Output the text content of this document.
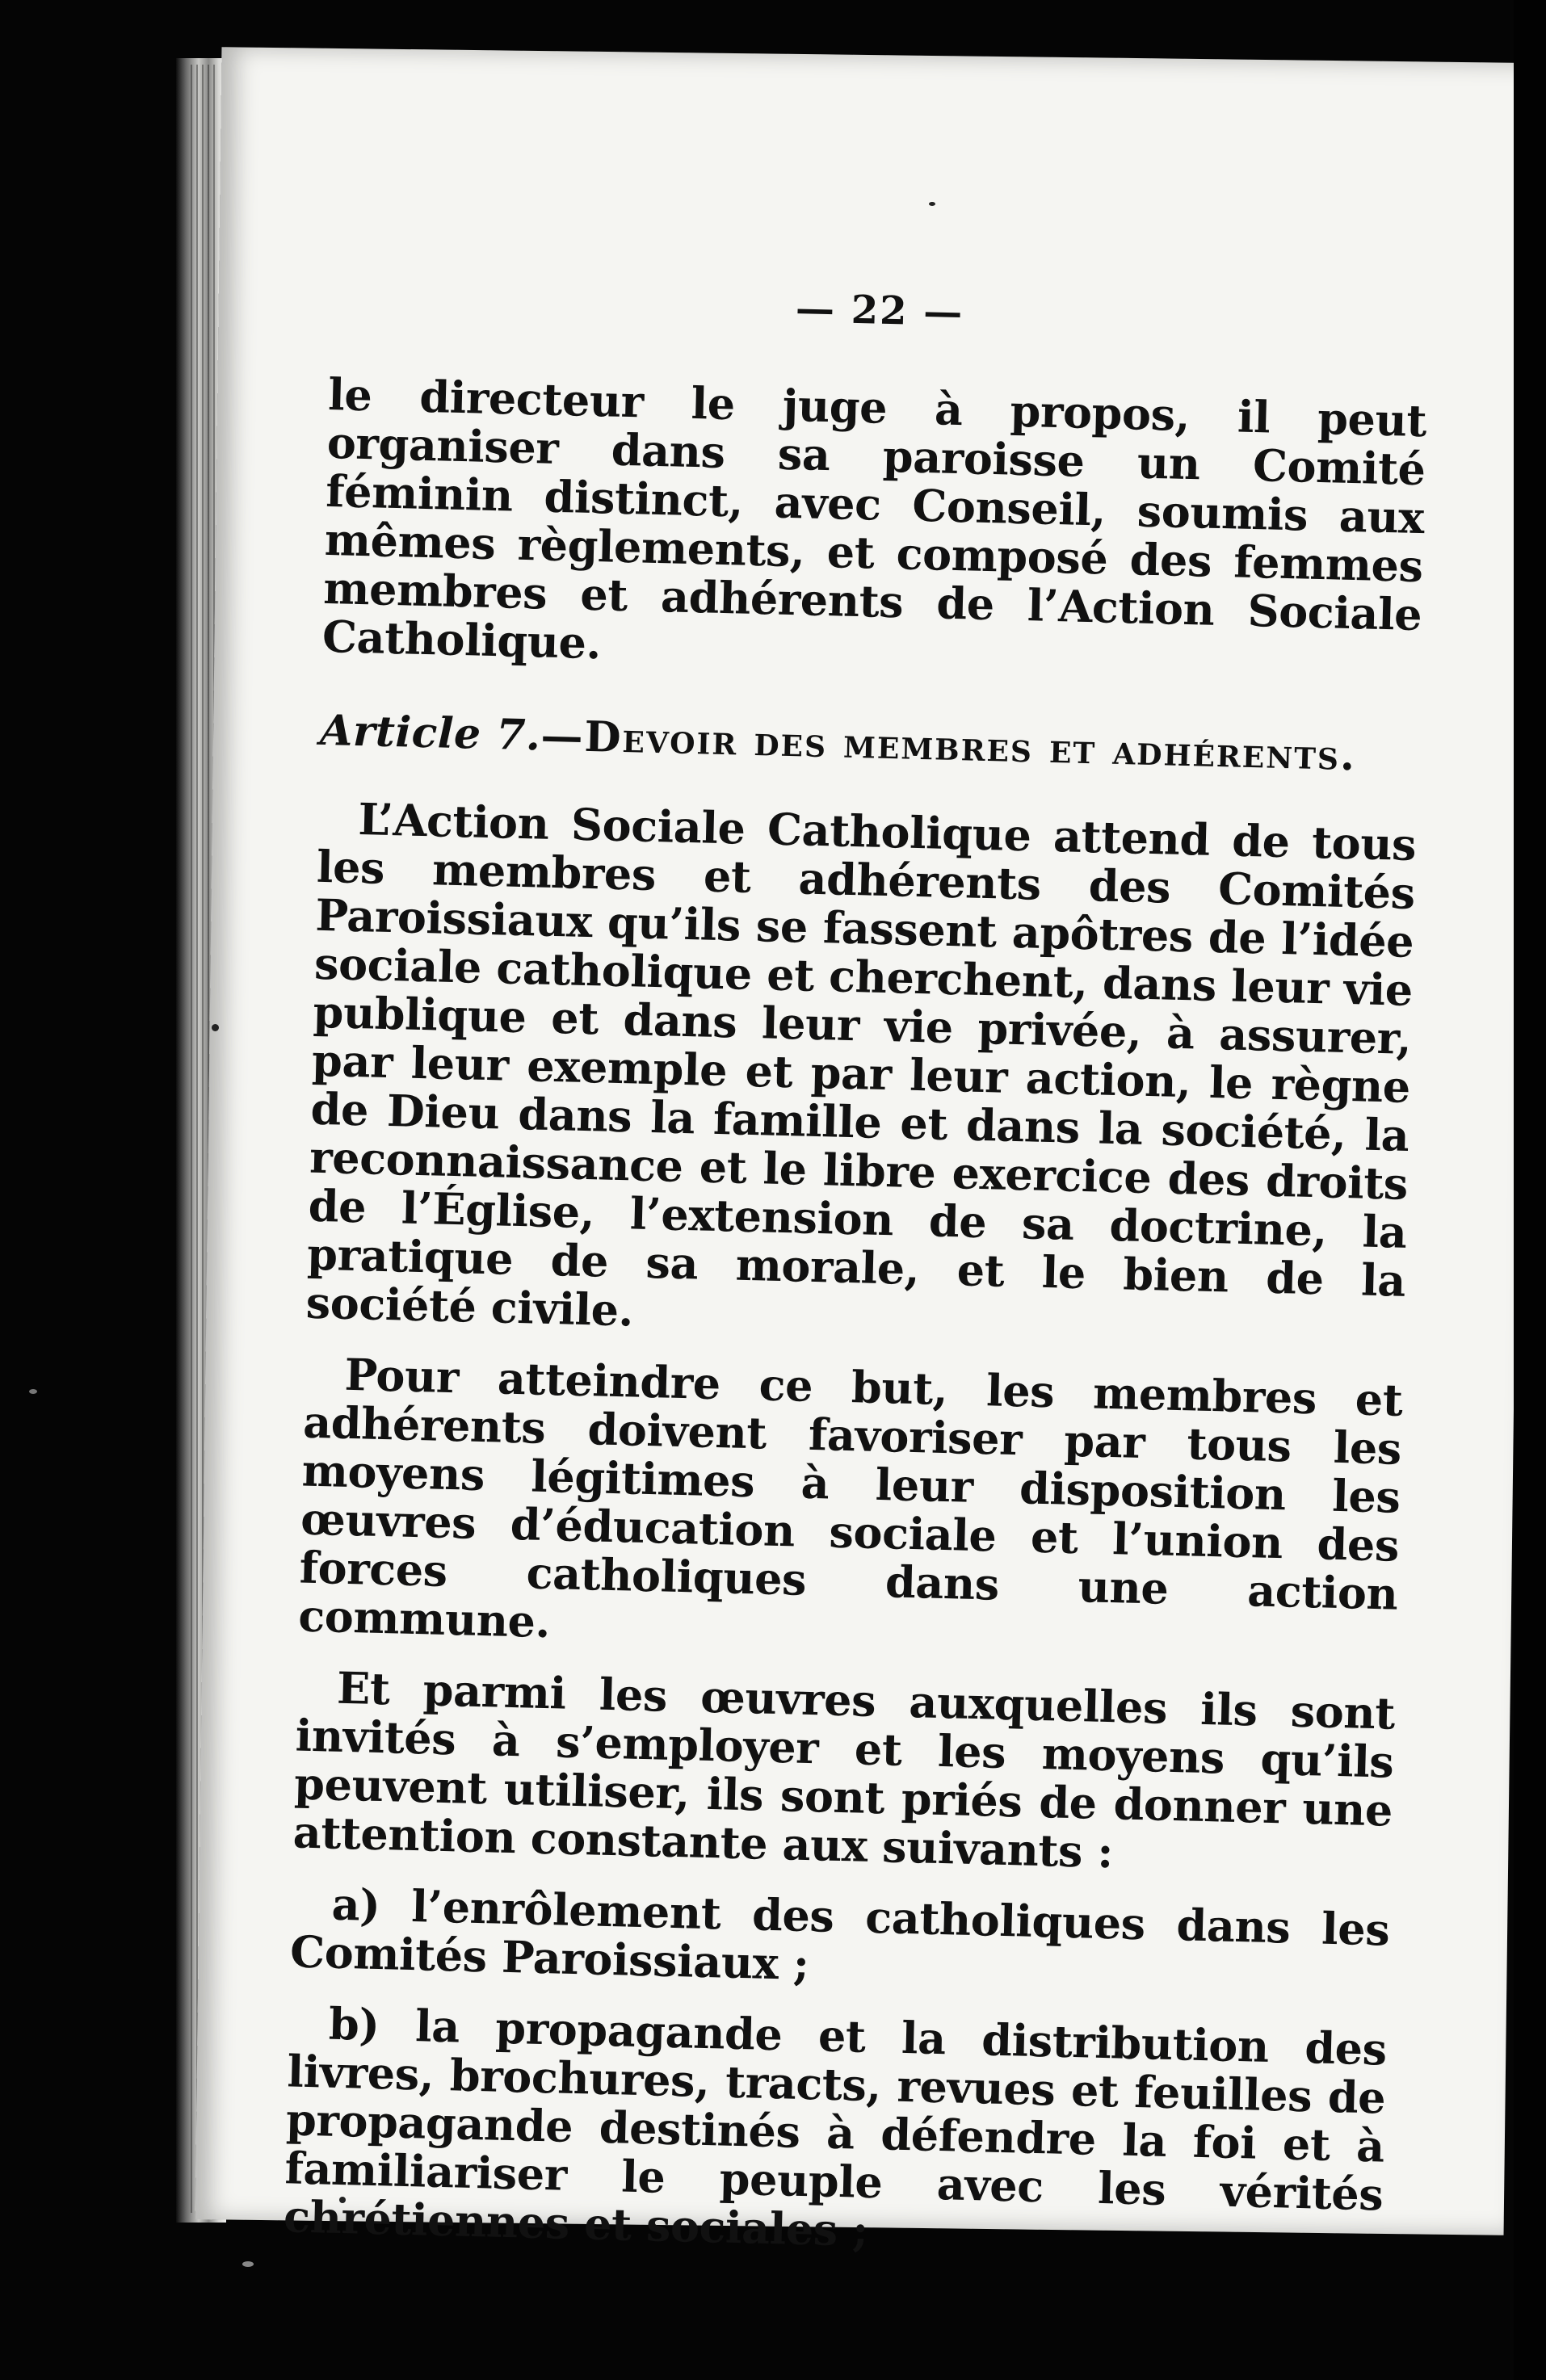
— 22 —

le directeur le juge à propos, il peut organiser dans sa paroisse un Comité féminin distinct, avec Conseil, soumis aux mêmes règlements, et composé des femmes membres et adhérents de l’Action Sociale Catholique.

Article 7.—Devoir des membres et adhérents.

L’Action Sociale Catholique attend de tous les membres et adhérents des Comités Paroissiaux qu’ils se fassent apôtres de l’idée sociale catholique et cherchent, dans leur vie publique et dans leur vie privée, à assurer, par leur exemple et par leur action, le règne de Dieu dans la famille et dans la société, la reconnaissance et le libre exercice des droits de l’Église, l’extension de sa doctrine, la pratique de sa morale, et le bien de la société civile.

Pour atteindre ce but, les membres et adhérents doivent favoriser par tous les moyens légitimes à leur disposition les œuvres d’éducation sociale et l’union des forces catholiques dans une action commune.

Et parmi les œuvres auxquelles ils sont invités à s’employer et les moyens qu’ils peuvent utiliser, ils sont priés de donner une attention constante aux suivants :

a) l’enrôlement des catholiques dans les Comités Paroissiaux ;

b) la propagande et la distribution des livres, brochures, tracts, revues et feuilles de propagande destinés à défendre la foi et à familiariser le peuple avec les vérités chrétiennes et sociales ;
